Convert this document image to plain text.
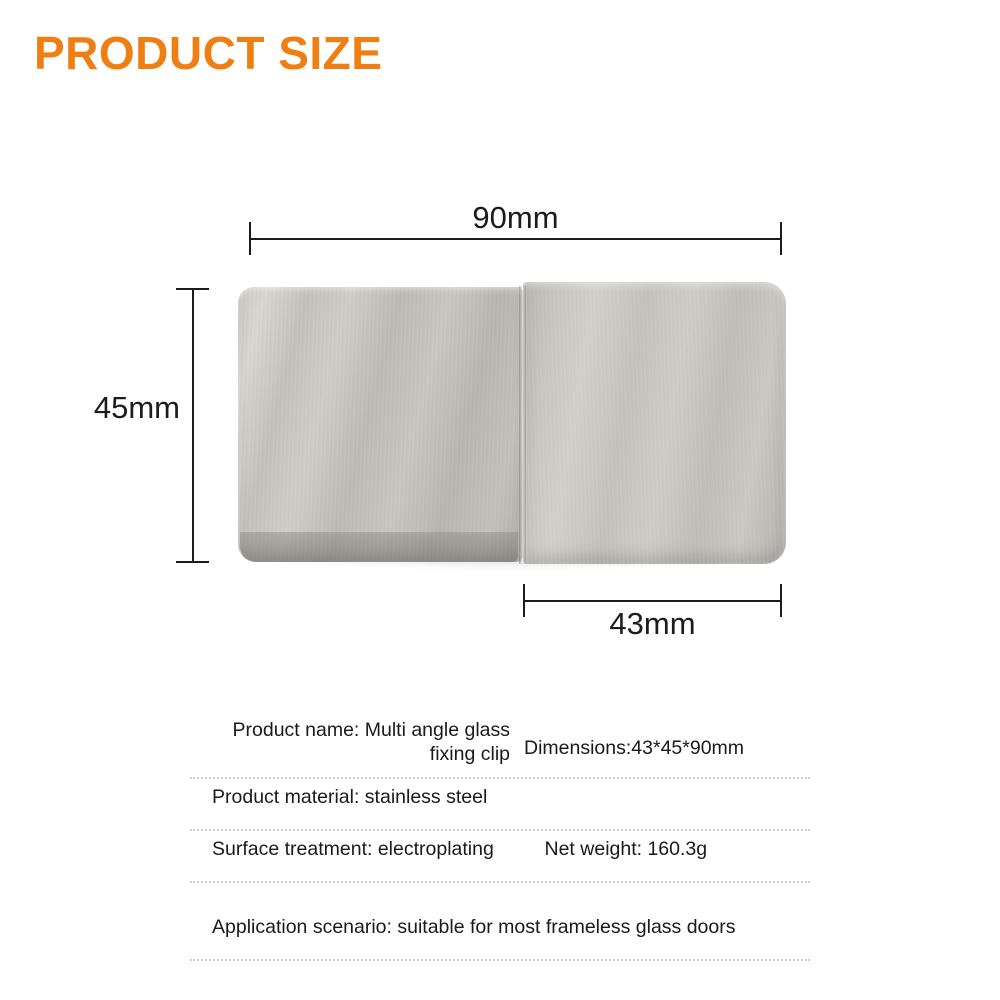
PRODUCT SIZE
90mm
45mm
43mm
Product name: Multi angle glass fixing clip Dimensions:43*45*90mm
Product material: stainless steel
Surface treatment: electroplating	Net weight: 160.3g
Application scenario: suitable for most frameless glass doors
